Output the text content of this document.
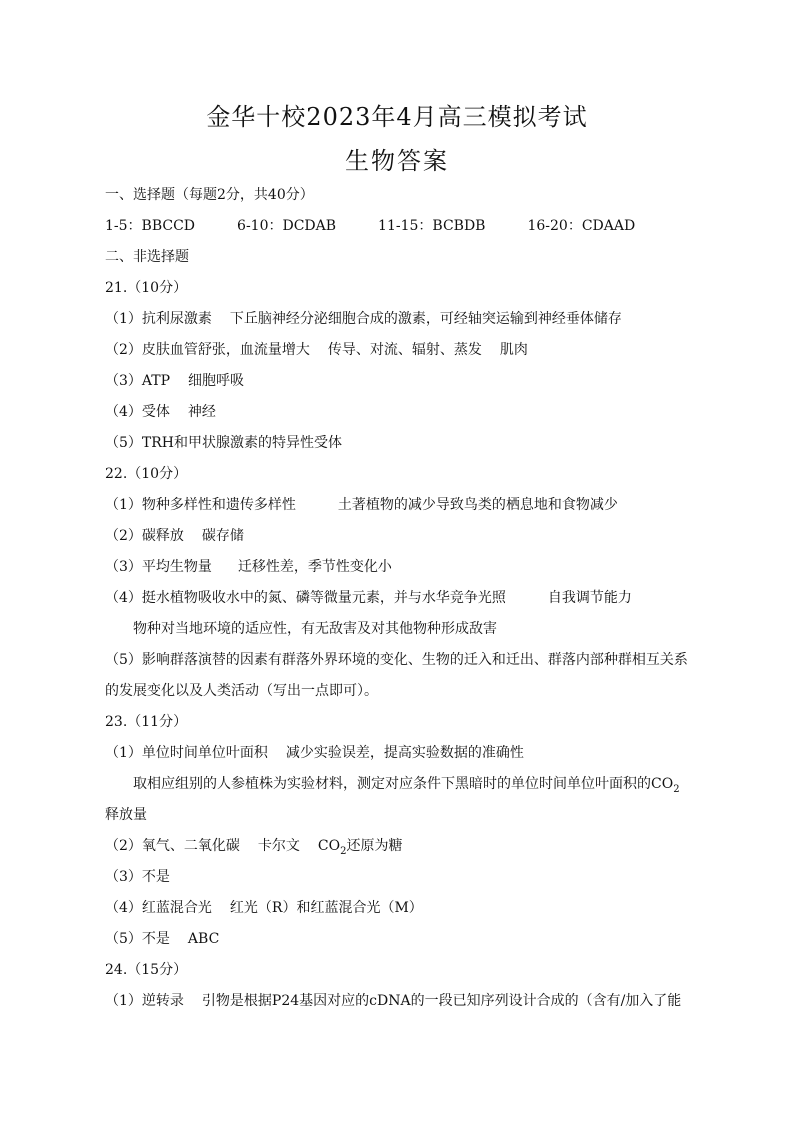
金华十校2023年4月高三模拟考试
生物答案
一、选择题（每题2分，共40分）
1-5：BBCCD	6-10：DCDAB	11-15：BCBDB	16-20：CDAAD
二、非选择题
21.（10分）
（1）抗利尿激素 下丘脑神经分泌细胞合成的激素，可经轴突运输到神经垂体储存
（2）皮肤血管舒张，血流量增大 传导、对流、辐射、蒸发 肌肉
（3）ATP 细胞呼吸
（4）受体 神经
（5）TRH和甲状腺激素的特异性受体
22.（10分）
（1）物种多样性和遗传多样性	土著植物的减少导致鸟类的栖息地和食物减少
（2）碳释放 碳存储
（3）平均生物量 迁移性差，季节性变化小
（4）挺水植物吸收水中的氮、磷等微量元素，并与水华竞争光照	自我调节能力
物种对当地环境的适应性，有无敌害及对其他物种形成敌害
（5）影响群落演替的因素有群落外界环境的变化、生物的迁入和迁出、群落内部种群相互关系
的发展变化以及人类活动（写出一点即可）。
23.（11分）
（1）单位时间单位叶面积 减少实验误差，提高实验数据的准确性
取相应组别的人参植株为实验材料，测定对应条件下黑暗时的单位时间单位叶面积的$CO_2$
释放量
（2）氧气、二氧化碳 卡尔文 $CO_2$还原为糖
（3）不是
（4）红蓝混合光 红光（R）和红蓝混合光（M）
（5）不是 ABC
24.（15分）
（1）逆转录 引物是根据P24基因对应的cDNA的一段已知序列设计合成的（含有/加入了能
